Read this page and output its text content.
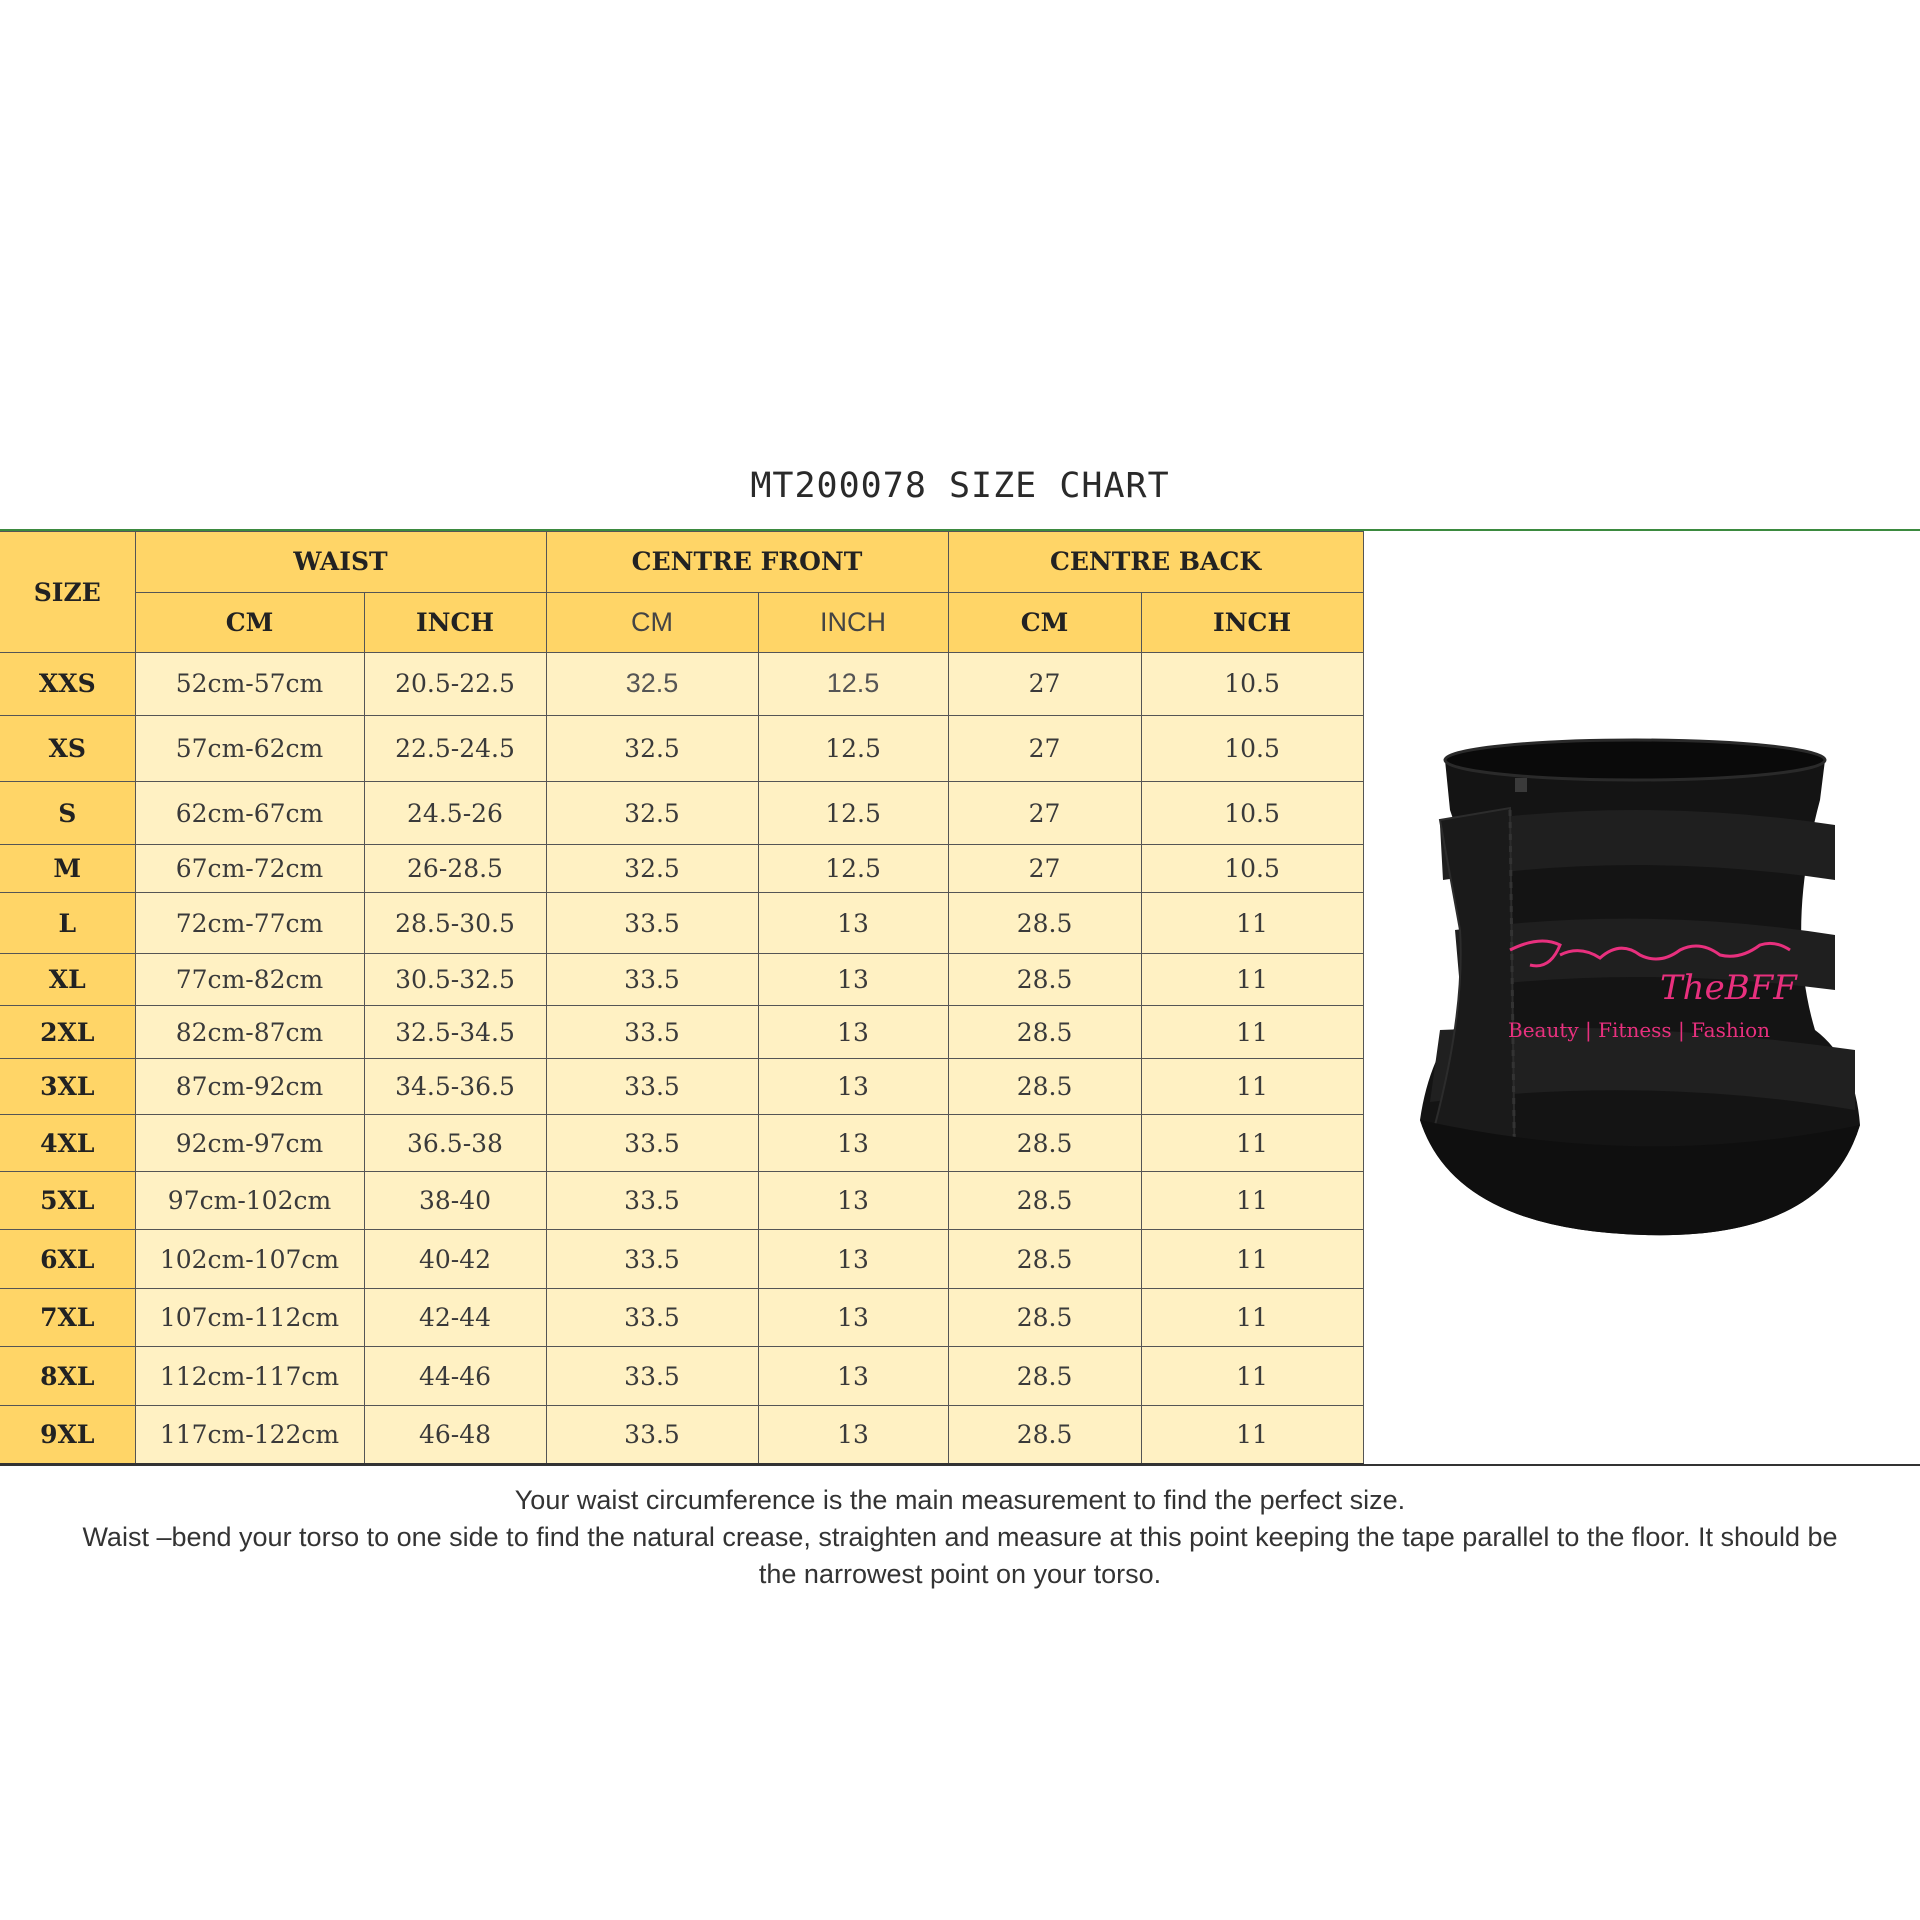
MT200078 SIZE CHART
SIZE	WAIST		CENTRE FRONT		CENTRE BACK	
	CM	INCH	CM	INCH	CM	INCH
XXS	52cm-57cm	20.5-22.5	32.5	12.5	27	10.5
XS	57cm-62cm	22.5-24.5	32.5	12.5	27	10.5
S	62cm-67cm	24.5-26	32.5	12.5	27	10.5
M	67cm-72cm	26-28.5	32.5	12.5	27	10.5
L	72cm-77cm	28.5-30.5	33.5	13	28.5	11
XL	77cm-82cm	30.5-32.5	33.5	13	28.5	11
2XL	82cm-87cm	32.5-34.5	33.5	13	28.5	11
3XL	87cm-92cm	34.5-36.5	33.5	13	28.5	11
4XL	92cm-97cm	36.5-38	33.5	13	28.5	11
5XL	97cm-102cm	38-40	33.5	13	28.5	11
6XL	102cm-107cm	40-42	33.5	13	28.5	11
7XL	107cm-112cm	42-44	33.5	13	28.5	11
8XL	112cm-117cm	44-46	33.5	13	28.5	11
9XL	117cm-122cm	46-48	33.5	13	28.5	11
TheBFF
Beauty | Fitness | Fashion
Your waist circumference is the main measurement to find the perfect size.
Waist –bend your torso to one side to find the natural crease, straighten and measure at this point keeping the tape parallel to the floor. It should be
the narrowest point on your torso.
